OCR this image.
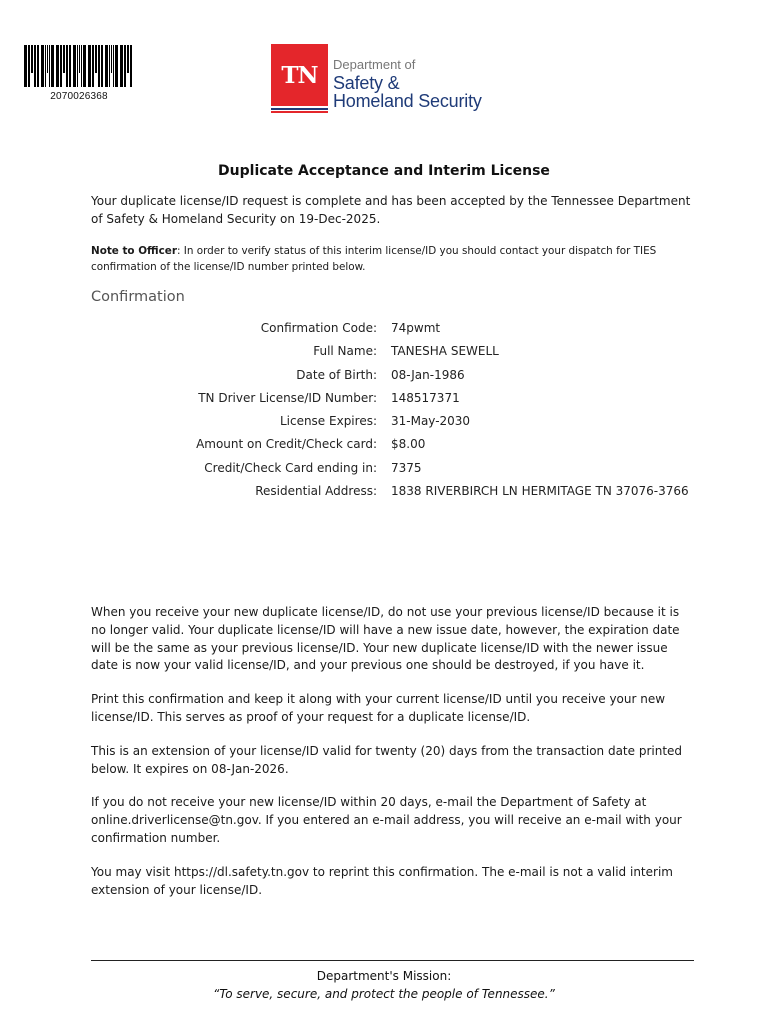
2070026368
TN	Department of
Safety &
Homeland Security
Duplicate Acceptance and Interim License

Your duplicate license/ID request is complete and has been accepted by the Tennessee Department of Safety & Homeland Security on 19-Dec-2025.

Note to Officer: In order to verify status of this interim license/ID you should contact your dispatch for TIES confirmation of the license/ID number printed below.

Confirmation
Confirmation Code: 74pwmt
Full Name: TANESHA SEWELL
Date of Birth: 08-Jan-1986
TN Driver License/ID Number: 148517371
License Expires: 31-May-2030
Amount on Credit/Check card: $8.00
Credit/Check Card ending in: 7375
Residential Address: 1838 RIVERBIRCH LN HERMITAGE TN 37076-3766

When you receive your new duplicate license/ID, do not use your previous license/ID because it is no longer valid. Your duplicate license/ID will have a new issue date, however, the expiration date will be the same as your previous license/ID. Your new duplicate license/ID with the newer issue date is now your valid license/ID, and your previous one should be destroyed, if you have it.

Print this confirmation and keep it along with your current license/ID until you receive your new license/ID. This serves as proof of your request for a duplicate license/ID.

This is an extension of your license/ID valid for twenty (20) days from the transaction date printed below. It expires on 08-Jan-2026.

If you do not receive your new license/ID within 20 days, e-mail the Department of Safety at online.driverlicense@tn.gov. If you entered an e-mail address, you will receive an e-mail with your confirmation number.

You may visit https://dl.safety.tn.gov to reprint this confirmation. The e-mail is not a valid interim extension of your license/ID.

Department's Mission:
“To serve, secure, and protect the people of Tennessee.”
